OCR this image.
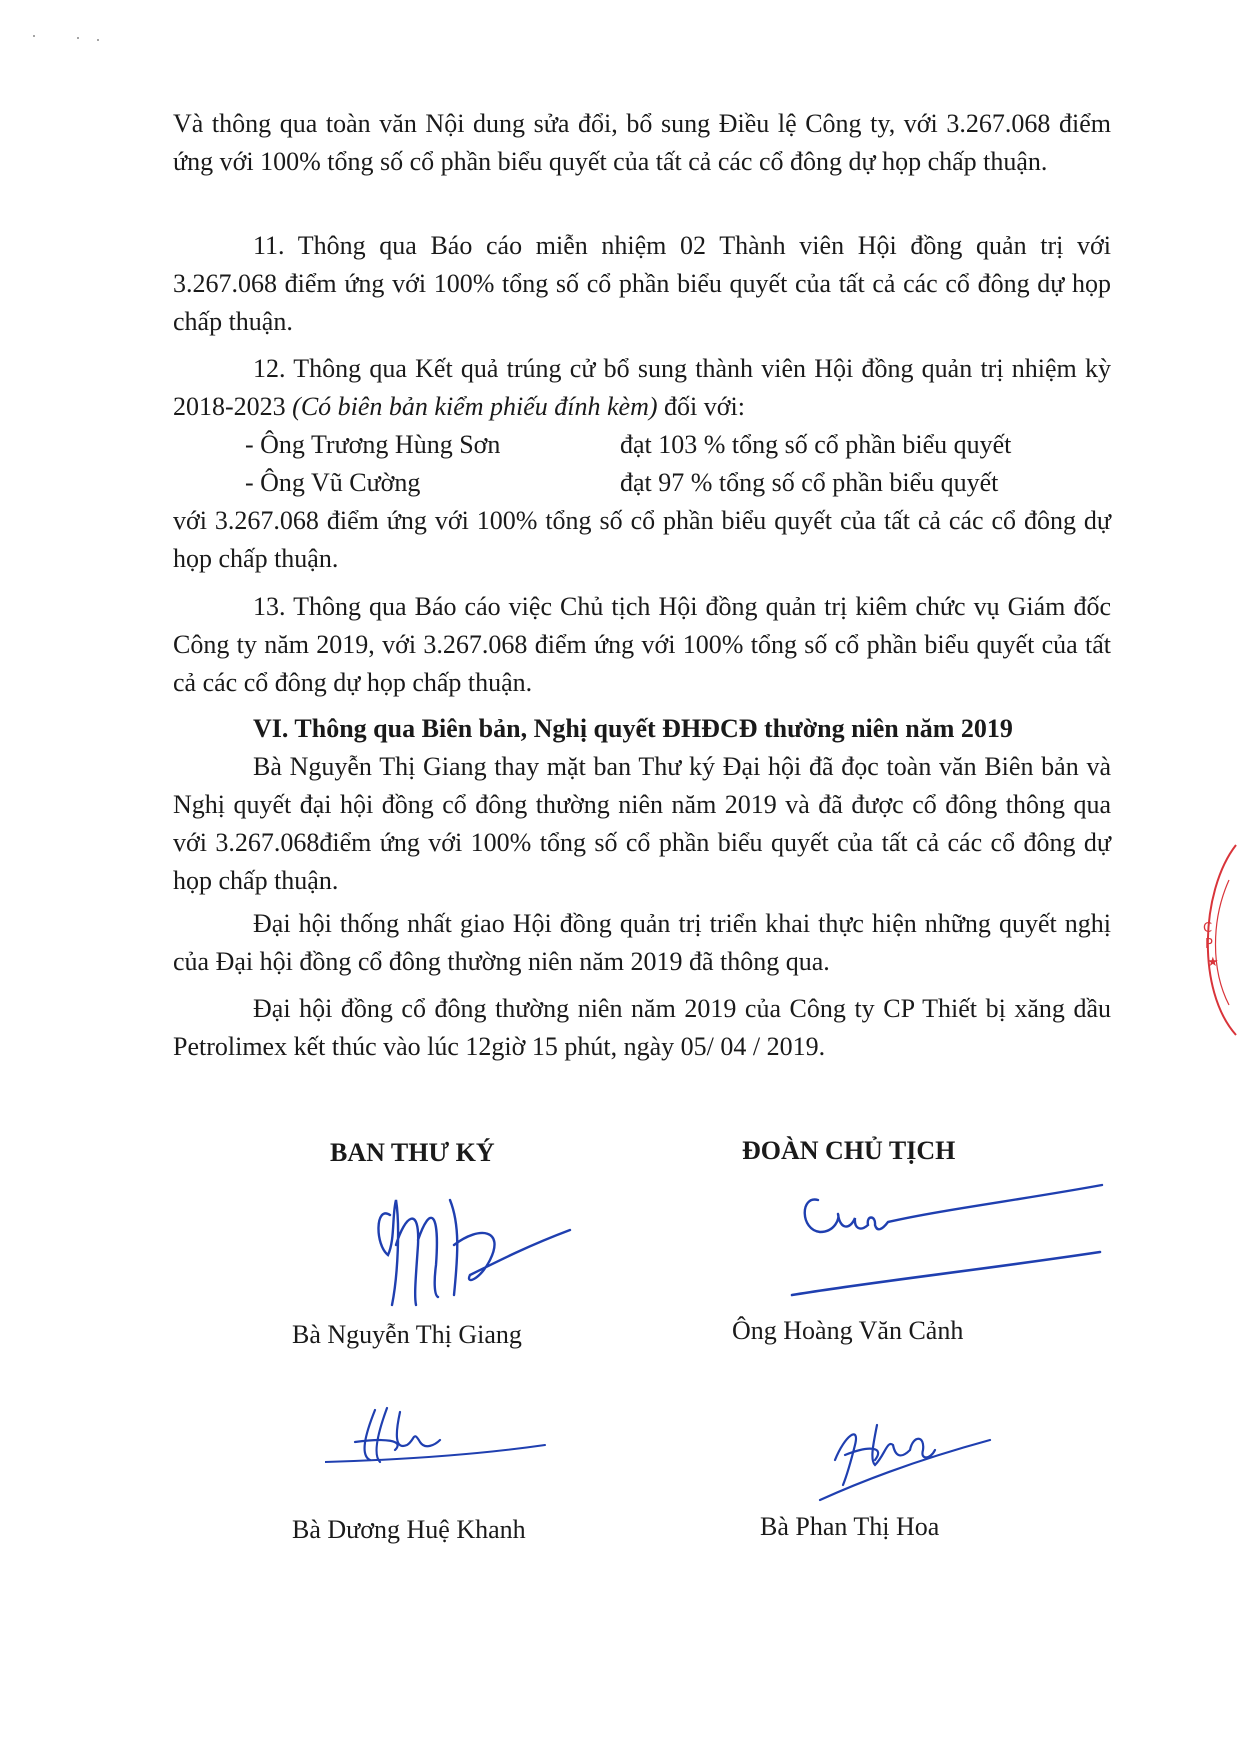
Và thông qua toàn văn Nội dung sửa đổi, bổ sung Điều lệ Công ty, với 3.267.068 điểm ứng với 100% tổng số cổ phần biểu quyết của tất cả các cổ đông dự họp chấp thuận.

11. Thông qua Báo cáo miễn nhiệm 02 Thành viên Hội đồng quản trị với 3.267.068 điểm ứng với 100% tổng số cổ phần biểu quyết của tất cả các cổ đông dự họp chấp thuận.

12. Thông qua Kết quả trúng cử bổ sung thành viên Hội đồng quản trị nhiệm kỳ 2018-2023 (Có biên bản kiểm phiếu đính kèm) đối với:

- Ông Trương Hùng Sơn	đạt 103 % tổng số cổ phần biểu quyết
- Ông Vũ Cường	đạt 97 % tổng số cổ phần biểu quyết

với 3.267.068 điểm ứng với 100% tổng số cổ phần biểu quyết của tất cả các cổ đông dự họp chấp thuận.

13. Thông qua Báo cáo việc Chủ tịch Hội đồng quản trị kiêm chức vụ Giám đốc Công ty năm 2019, với 3.267.068 điểm ứng với 100% tổng số cổ phần biểu quyết của tất cả các cổ đông dự họp chấp thuận.

VI. Thông qua Biên bản, Nghị quyết ĐHĐCĐ thường niên năm 2019

Bà Nguyễn Thị Giang thay mặt ban Thư ký Đại hội đã đọc toàn văn Biên bản và Nghị quyết đại hội đồng cổ đông thường niên năm 2019 và đã được cổ đông thông qua với 3.267.068điểm ứng với 100% tổng số cổ phần biểu quyết của tất cả các cổ đông dự họp chấp thuận.

Đại hội thống nhất giao Hội đồng quản trị triển khai thực hiện những quyết nghị của Đại hội đồng cổ đông thường niên năm 2019 đã thông qua.

Đại hội đồng cổ đông thường niên năm 2019 của Công ty CP Thiết bị xăng dầu Petrolimex kết thúc vào lúc 12giờ 15 phút, ngày 05/ 04 / 2019.

BAN THƯ KÝ	ĐOÀN CHỦ TỊCH
Bà Nguyễn Thị Giang	Ông Hoàng Văn Cảnh
Bà Dương Huệ Khanh	Bà Phan Thị Hoa
C
P
★
